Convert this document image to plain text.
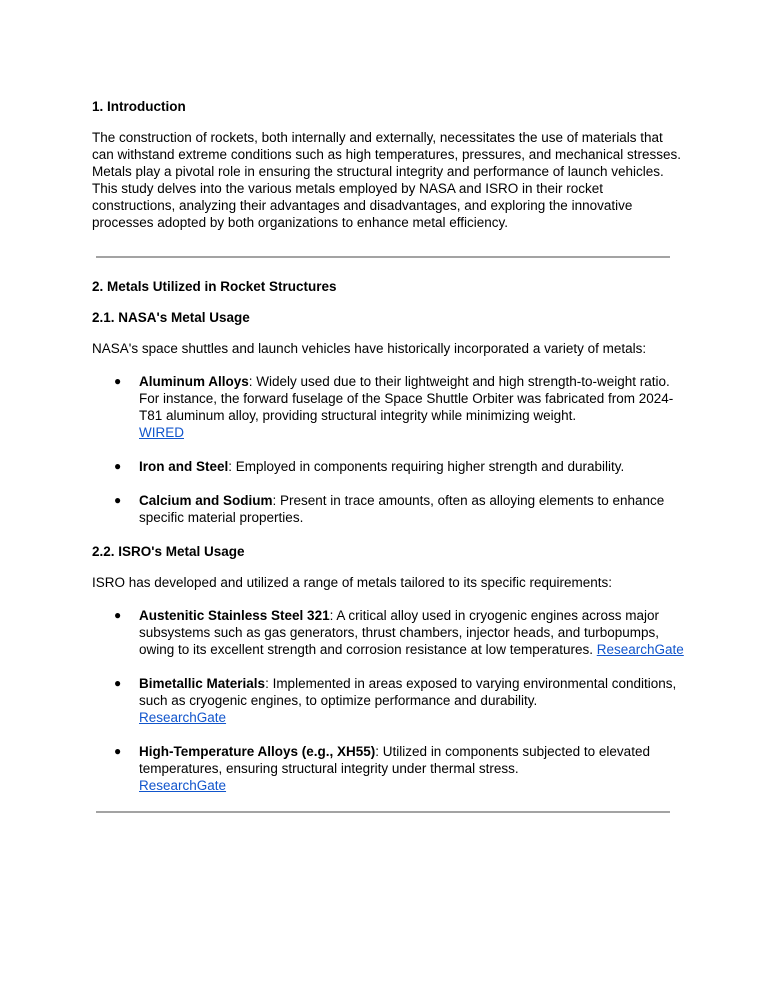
1. Introduction

The construction of rockets, both internally and externally, necessitates the use of materials that can withstand extreme conditions such as high temperatures, pressures, and mechanical stresses. Metals play a pivotal role in ensuring the structural integrity and performance of launch vehicles. This study delves into the various metals employed by NASA and ISRO in their rocket constructions, analyzing their advantages and disadvantages, and exploring the innovative processes adopted by both organizations to enhance metal efficiency.

2. Metals Utilized in Rocket Structures
2.1. NASA's Metal Usage

NASA's space shuttles and launch vehicles have historically incorporated a variety of metals:

● Aluminum Alloys: Widely used due to their lightweight and high strength-to-weight ratio. For instance, the forward fuselage of the Space Shuttle Orbiter was fabricated from 2024-T81 aluminum alloy, providing structural integrity while minimizing weight.
WIRED
● Iron and Steel: Employed in components requiring higher strength and durability.
● Calcium and Sodium: Present in trace amounts, often as alloying elements to enhance specific material properties.
2.2. ISRO's Metal Usage

ISRO has developed and utilized a range of metals tailored to its specific requirements:

● Austenitic Stainless Steel 321: A critical alloy used in cryogenic engines across major subsystems such as gas generators, thrust chambers, injector heads, and turbopumps, owing to its excellent strength and corrosion resistance at low temperatures. ResearchGate
● Bimetallic Materials: Implemented in areas exposed to varying environmental conditions, such as cryogenic engines, to optimize performance and durability.
ResearchGate
● High-Temperature Alloys (e.g., XH55): Utilized in components subjected to elevated temperatures, ensuring structural integrity under thermal stress.
ResearchGate
